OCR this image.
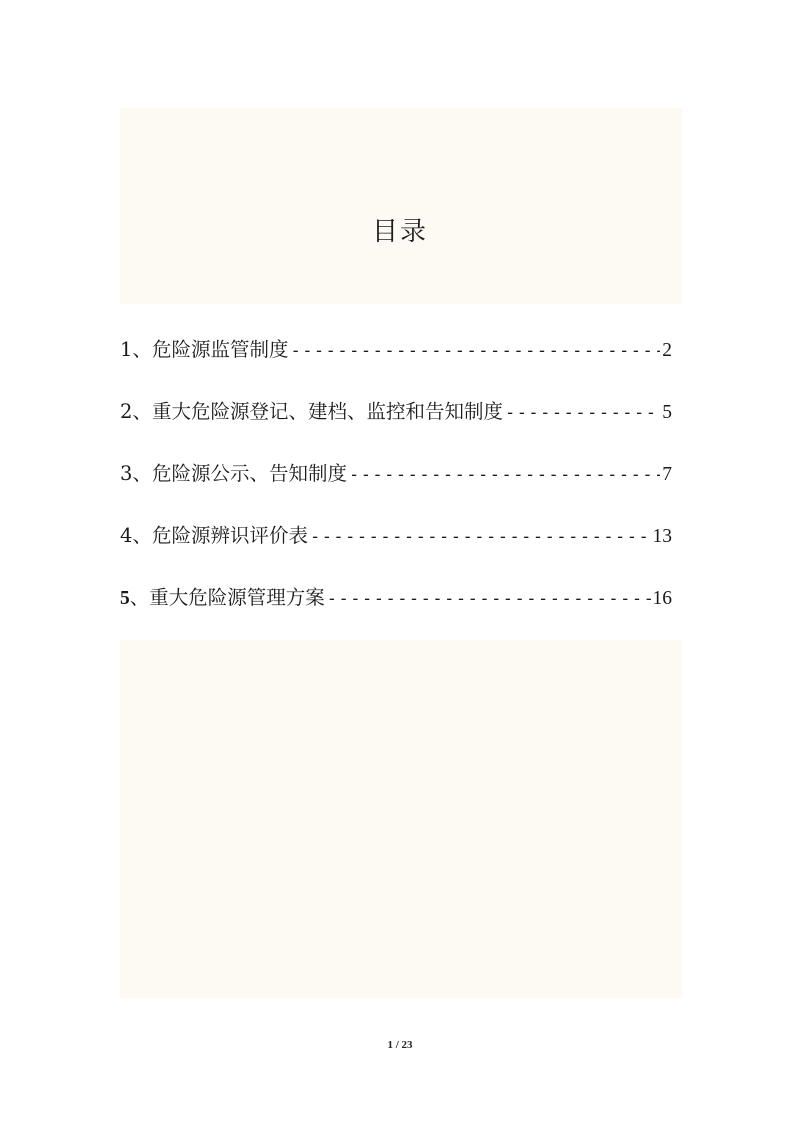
目录
1 、 危险源监管制度 -----	2
2 、 重大危险源登记、建档、监控和告知制度 -----	5
3 、 危险源公示、告知制度 -----	7
4 、 危险源辨识评价表 -----	13
5 、 重大危险源管理方案 -----	16
1 / 23
